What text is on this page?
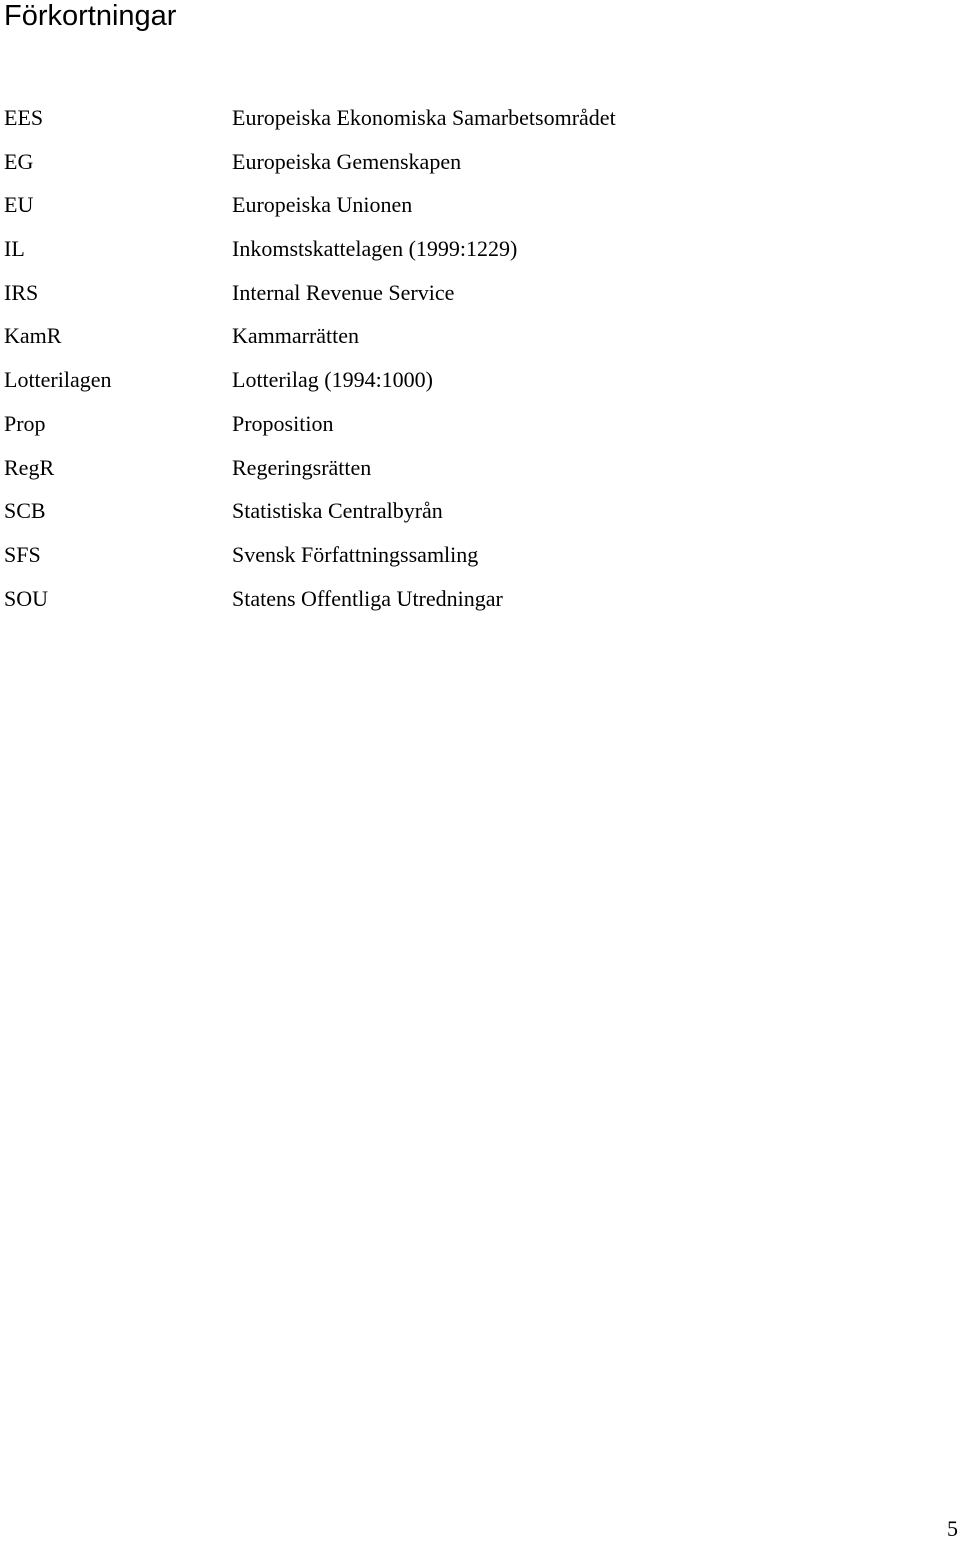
Förkortningar
EES	Europeiska Ekonomiska Samarbetsområdet
EG	Europeiska Gemenskapen
EU	Europeiska Unionen
IL	Inkomstskattelagen (1999:1229)
IRS	Internal Revenue Service
KamR	Kammarrätten
Lotterilagen	Lotterilag (1994:1000)
Prop	Proposition
RegR	Regeringsrätten
SCB	Statistiska Centralbyrån
SFS	Svensk Författningssamling
SOU	Statens Offentliga Utredningar
5
